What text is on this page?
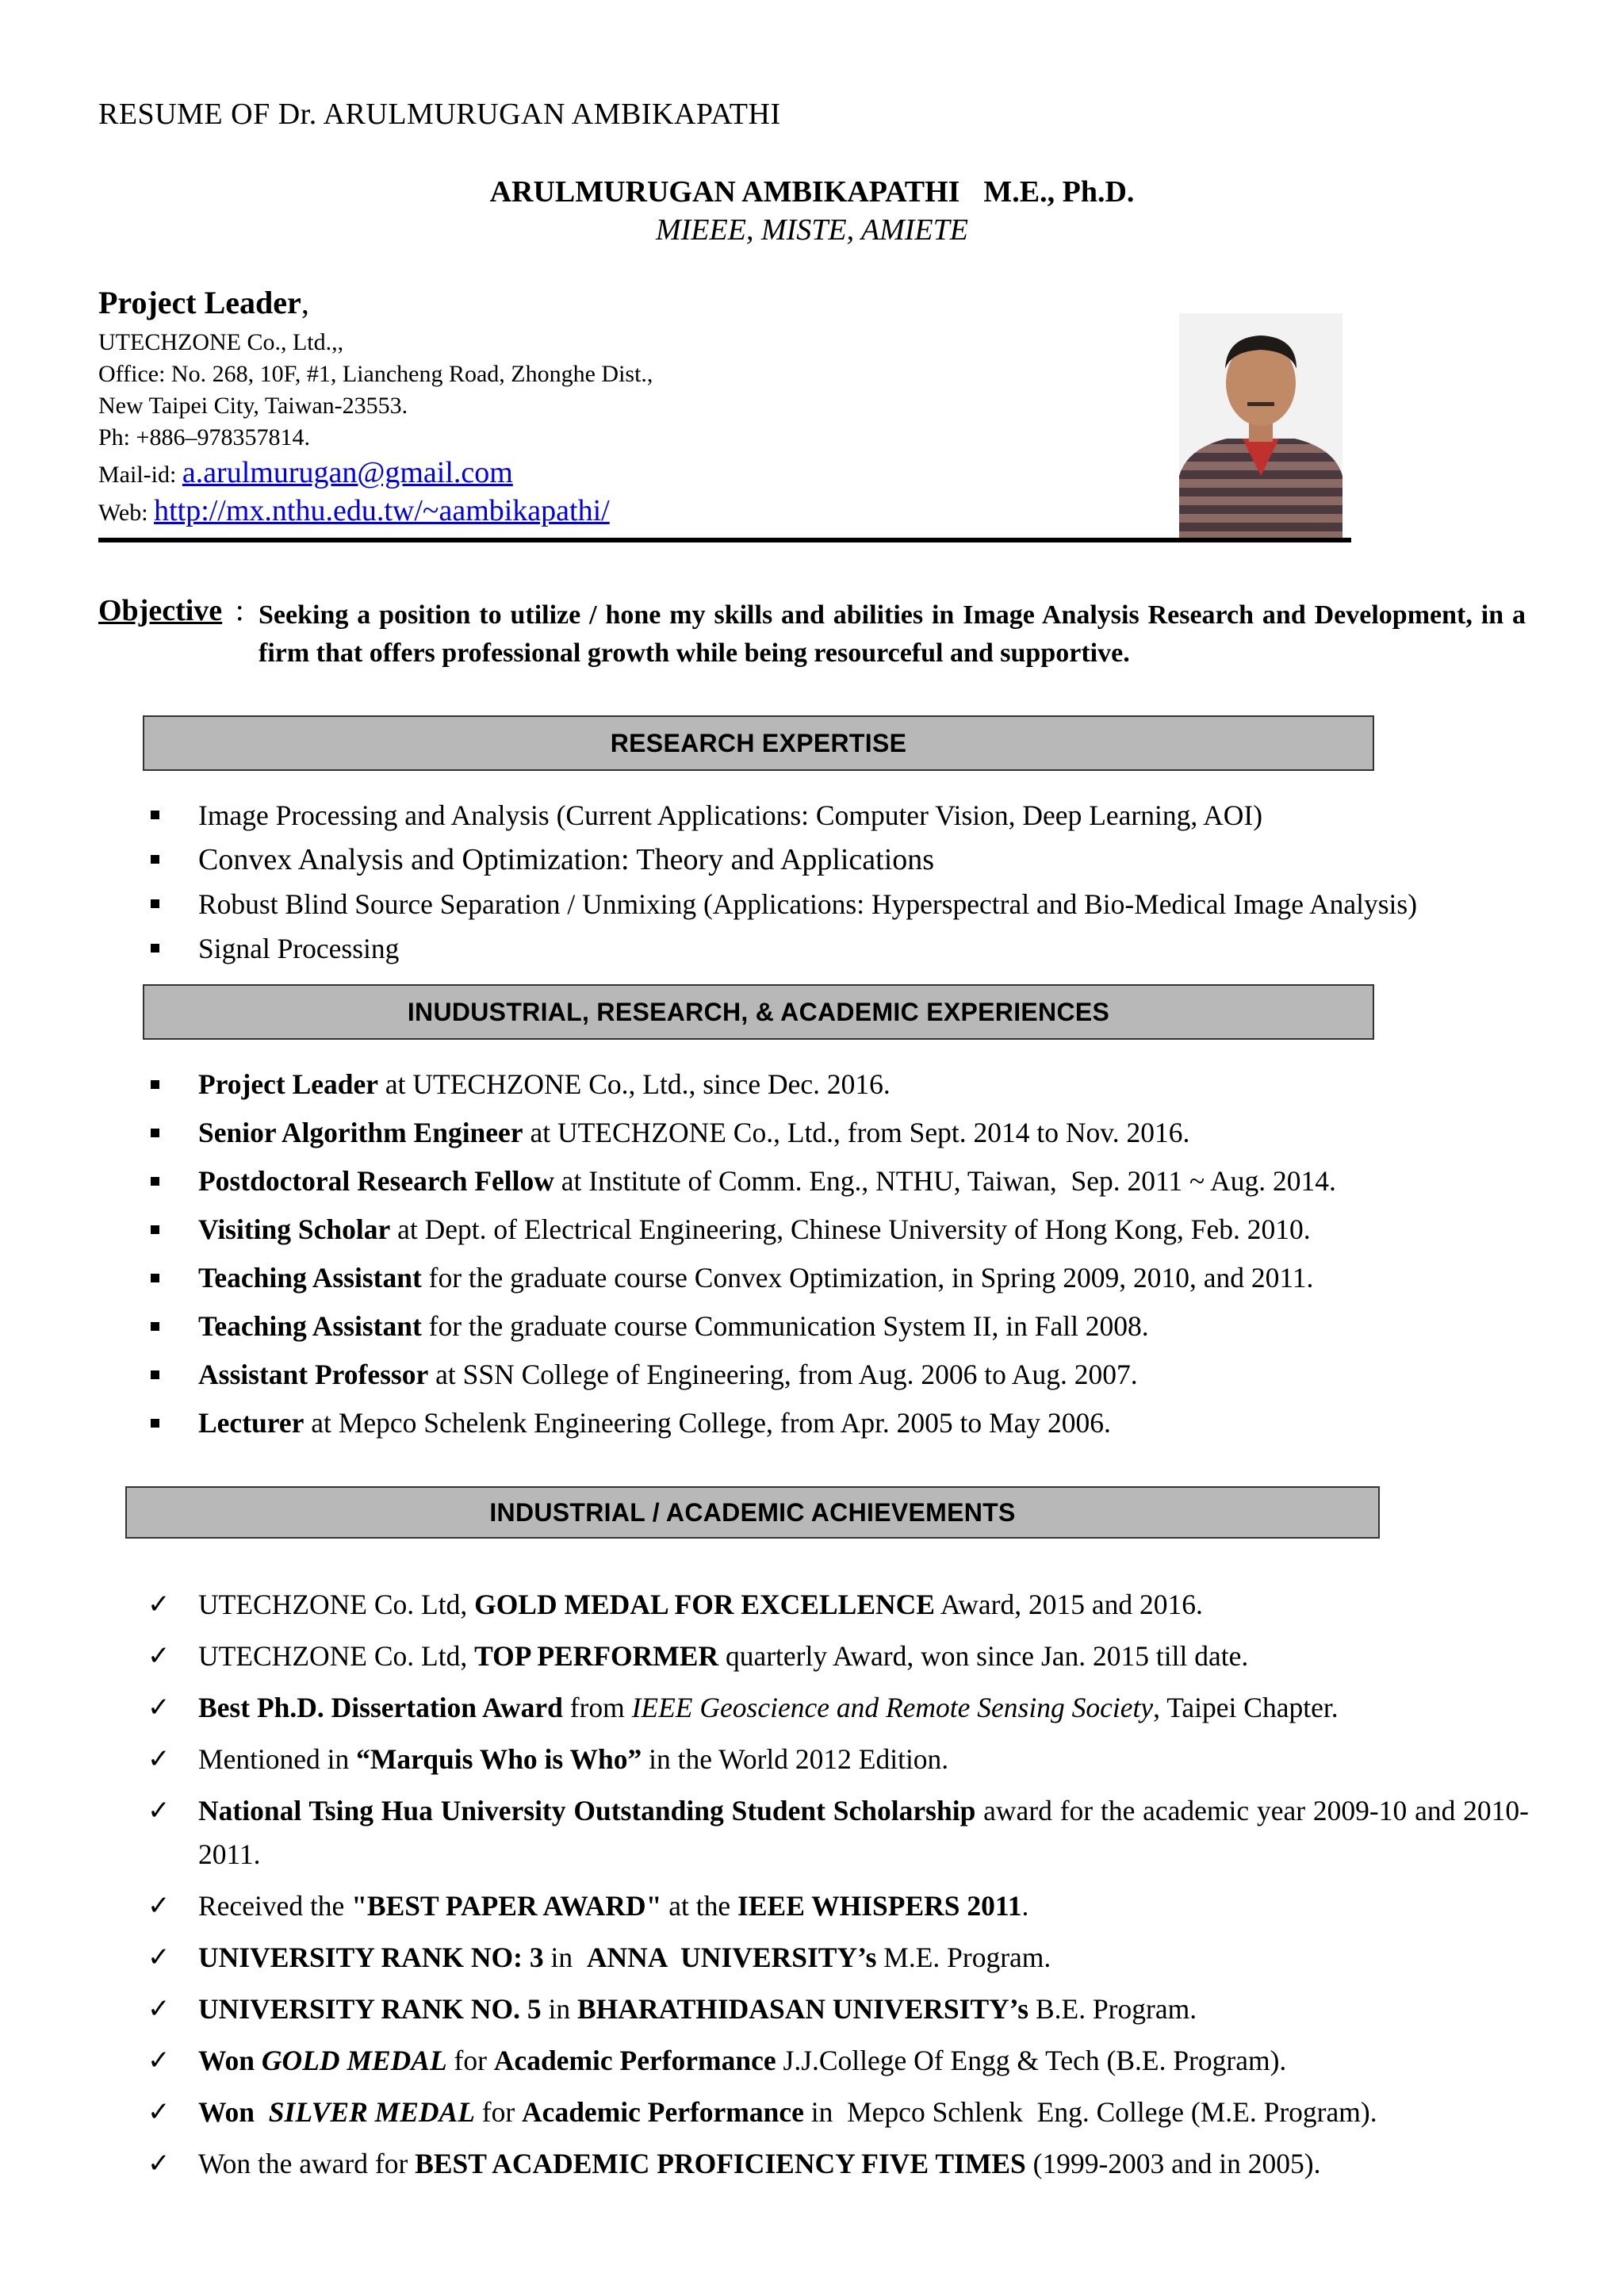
RESUME OF Dr. ARULMURUGAN AMBIKAPATHI
ARULMURUGAN AMBIKAPATHI M.E., Ph.D.
MIEEE, MISTE, AMIETE
Project Leader,
UTECHZONE Co., Ltd.,,
Office: No. 268, 10F, #1, Liancheng Road, Zhonghe Dist.,
New Taipei City, Taiwan-23553.
Ph: +886–978357814.
Mail-id: a.arulmurugan@gmail.com
Web: http://mx.nthu.edu.tw/~aambikapathi/
Objective : Seeking a position to utilize / hone my skills and abilities in Image Analysis Research and Development, in a firm that offers professional growth while being resourceful and supportive.
RESEARCH EXPERTISE
Image Processing and Analysis (Current Applications: Computer Vision, Deep Learning, AOI)
Convex Analysis and Optimization: Theory and Applications
Robust Blind Source Separation / Unmixing (Applications: Hyperspectral and Bio-Medical Image Analysis)
Signal Processing
INUDUSTRIAL, RESEARCH, & ACADEMIC EXPERIENCES
Project Leader at UTECHZONE Co., Ltd., since Dec. 2016.
Senior Algorithm Engineer at UTECHZONE Co., Ltd., from Sept. 2014 to Nov. 2016.
Postdoctoral Research Fellow at Institute of Comm. Eng., NTHU, Taiwan,  Sep. 2011 ~ Aug. 2014.
Visiting Scholar at Dept. of Electrical Engineering, Chinese University of Hong Kong, Feb. 2010.
Teaching Assistant for the graduate course Convex Optimization, in Spring 2009, 2010, and 2011.
Teaching Assistant for the graduate course Communication System II, in Fall 2008.
Assistant Professor at SSN College of Engineering, from Aug. 2006 to Aug. 2007.
Lecturer at Mepco Schelenk Engineering College, from Apr. 2005 to May 2006.
INDUSTRIAL / ACADEMIC ACHIEVEMENTS
✓ UTECHZONE Co. Ltd, GOLD MEDAL FOR EXCELLENCE Award, 2015 and 2016.
✓ UTECHZONE Co. Ltd, TOP PERFORMER quarterly Award, won since Jan. 2015 till date.
✓ Best Ph.D. Dissertation Award from IEEE Geoscience and Remote Sensing Society, Taipei Chapter.
✓ Mentioned in “Marquis Who is Who” in the World 2012 Edition.
✓ National Tsing Hua University Outstanding Student Scholarship award for the academic year 2009-10 and 2010-2011.
✓ Received the "BEST PAPER AWARD" at the IEEE WHISPERS 2011.
✓ UNIVERSITY RANK NO: 3 in  ANNA  UNIVERSITY’s M.E. Program.
✓ UNIVERSITY RANK NO. 5 in BHARATHIDASAN UNIVERSITY’s B.E. Program.
✓ Won GOLD MEDAL for Academic Performance J.J.College Of Engg & Tech (B.E. Program).
✓ Won  SILVER MEDAL for Academic Performance in  Mepco Schlenk  Eng. College (M.E. Program).
✓ Won the award for BEST ACADEMIC PROFICIENCY FIVE TIMES (1999-2003 and in 2005).
